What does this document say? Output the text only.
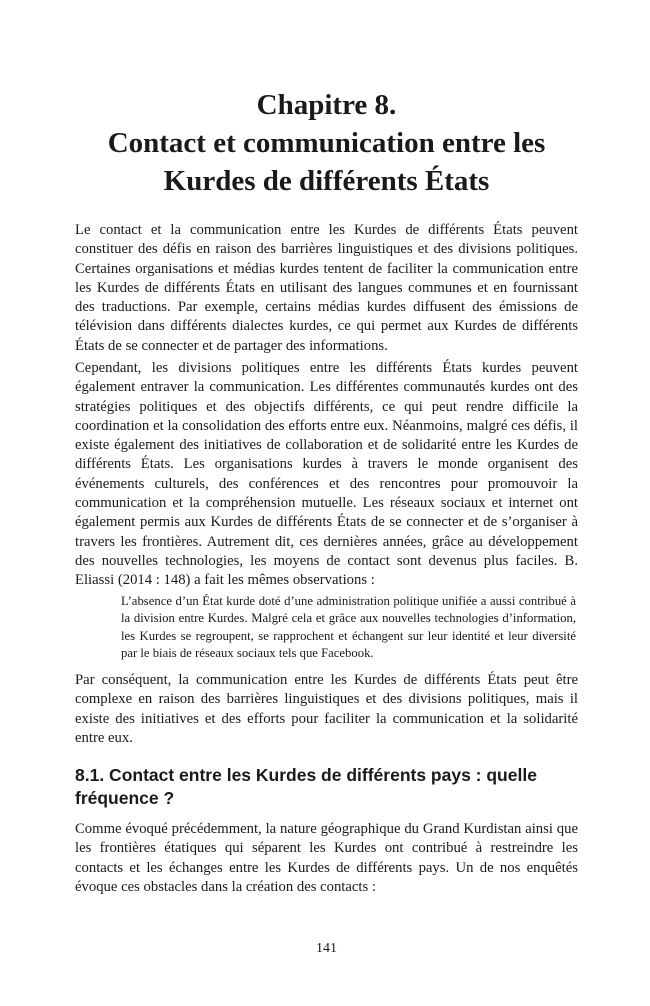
Chapitre 8.
Contact et communication entre les
Kurdes de différents États

Le contact et la communication entre les Kurdes de différents États peuvent constituer des défis en raison des barrières linguistiques et des divisions politiques. Certaines organisations et médias kurdes tentent de faciliter la communication entre les Kurdes de différents États en utilisant des langues communes et en fournissant des traductions. Par exemple, certains médias kurdes diffusent des émissions de télévision dans différents dialectes kurdes, ce qui permet aux Kurdes de différents États de se connecter et de partager des informations.

Cependant, les divisions politiques entre les différents États kurdes peuvent également entraver la communication. Les différentes communautés kurdes ont des stratégies politiques et des objectifs différents, ce qui peut rendre difficile la coordination et la consolidation des efforts entre eux. Néanmoins, malgré ces défis, il existe également des initiatives de collaboration et de solidarité entre les Kurdes de différents États. Les organisations kurdes à travers le monde organisent des événements culturels, des conférences et des rencontres pour promouvoir la communication et la compréhension mutuelle. Les réseaux sociaux et internet ont également permis aux Kurdes de différents États de se connecter et de s’organiser à travers les frontières. Autrement dit, ces dernières années, grâce au développement des nouvelles technologies, les moyens de contact sont devenus plus faciles. B. Eliassi (2014 : 148) a fait les mêmes observations :

L’absence d’un État kurde doté d’une administration politique unifiée a aussi contribué à la division entre Kurdes. Malgré cela et grâce aux nouvelles technologies d’information, les Kurdes se regroupent, se rapprochent et échangent sur leur identité et leur diversité par le biais de réseaux sociaux tels que Facebook.

Par conséquent, la communication entre les Kurdes de différents États peut être complexe en raison des barrières linguistiques et des divisions politiques, mais il existe des initiatives et des efforts pour faciliter la communication et la solidarité entre eux.

8.1. Contact entre les Kurdes de différents pays : quelle fréquence ?

Comme évoqué précédemment, la nature géographique du Grand Kurdistan ainsi que les frontières étatiques qui séparent les Kurdes ont contribué à restreindre les contacts et les échanges entre les Kurdes de différents pays. Un de nos enquêtés évoque ces obstacles dans la création des contacts :

141
